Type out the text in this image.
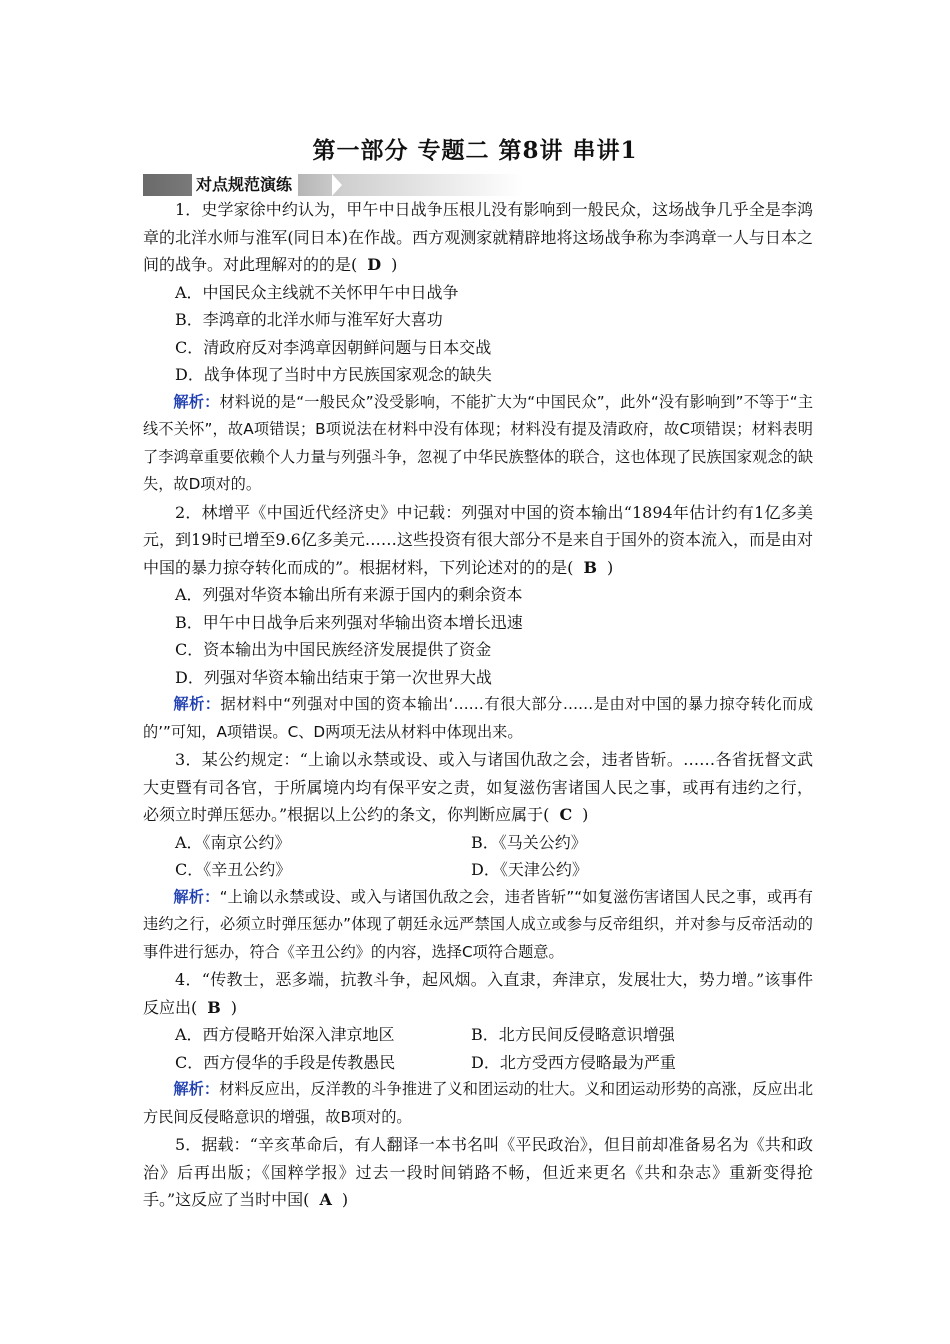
第一部分 专题二 第8讲 串讲1
对点规范演练

1．史学家徐中约认为，甲午中日战争压根儿没有影响到一般民众，这场战争几乎全是李鸿章的北洋水师与淮军(同日本)在作战。西方观测家就精辟地将这场战争称为李鸿章一人与日本之间的战争。对此理解对的的是( D )

A．中国民众主线就不关怀甲午中日战争

B．李鸿章的北洋水师与淮军好大喜功

C．清政府反对李鸿章因朝鲜问题与日本交战

D．战争体现了当时中方民族国家观念的缺失

解析：材料说的是“一般民众”没受影响，不能扩大为“中国民众”，此外“没有影响到”不等于“主线不关怀”，故A项错误；B项说法在材料中没有体现；材料没有提及清政府，故C项错误；材料表明了李鸿章重要依赖个人力量与列强斗争，忽视了中华民族整体的联合，这也体现了民族国家观念的缺失，故D项对的。

2．林增平《中国近代经济史》中记载：列强对中国的资本输出“1894年估计约有1亿多美元，到19时已增至9.6亿多美元……这些投资有很大部分不是来自于国外的资本流入，而是由对中国的暴力掠夺转化而成的”。根据材料，下列论述对的的是( B )

A．列强对华资本输出所有来源于国内的剩余资本

B．甲午中日战争后来列强对华输出资本增长迅速

C．资本输出为中国民族经济发展提供了资金

D．列强对华资本输出结束于第一次世界大战

解析：据材料中“列强对中国的资本输出‘……有很大部分……是由对中国的暴力掠夺转化而成的’”可知，A项错误。C、D两项无法从材料中体现出来。

3．某公约规定：“上谕以永禁或设、或入与诸国仇敌之会，违者皆斩。……各省抚督文武大吏暨有司各官，于所属境内均有保平安之责，如复滋伤害诸国人民之事，或再有违约之行，必须立时弹压惩办。”根据以上公约的条文，你判断应属于( C )

A．《南京公约》	B．《马关公约》
C．《辛丑公约》	D．《天津公约》

解析：“上谕以永禁或设、或入与诸国仇敌之会，违者皆斩”“如复滋伤害诸国人民之事，或再有违约之行，必须立时弹压惩办”体现了朝廷永远严禁国人成立或参与反帝组织，并对参与反帝活动的事件进行惩办，符合《辛丑公约》的内容，选择C项符合题意。

4．“传教士，恶多端，抗教斗争，起风烟。入直隶，奔津京，发展壮大，势力增。”该事件反应出( B )

A．西方侵略开始深入津京地区	B．北方民间反侵略意识增强
C．西方侵华的手段是传教愚民	D．北方受西方侵略最为严重

解析：材料反应出，反洋教的斗争推进了义和团运动的壮大。义和团运动形势的高涨，反应出北方民间反侵略意识的增强，故B项对的。

5．据载：“辛亥革命后，有人翻译一本书名叫《平民政治》，但目前却准备易名为《共和政治》后再出版；《国粹学报》过去一段时间销路不畅，但近来更名《共和杂志》重新变得抢手。”这反应了当时中国( A )
